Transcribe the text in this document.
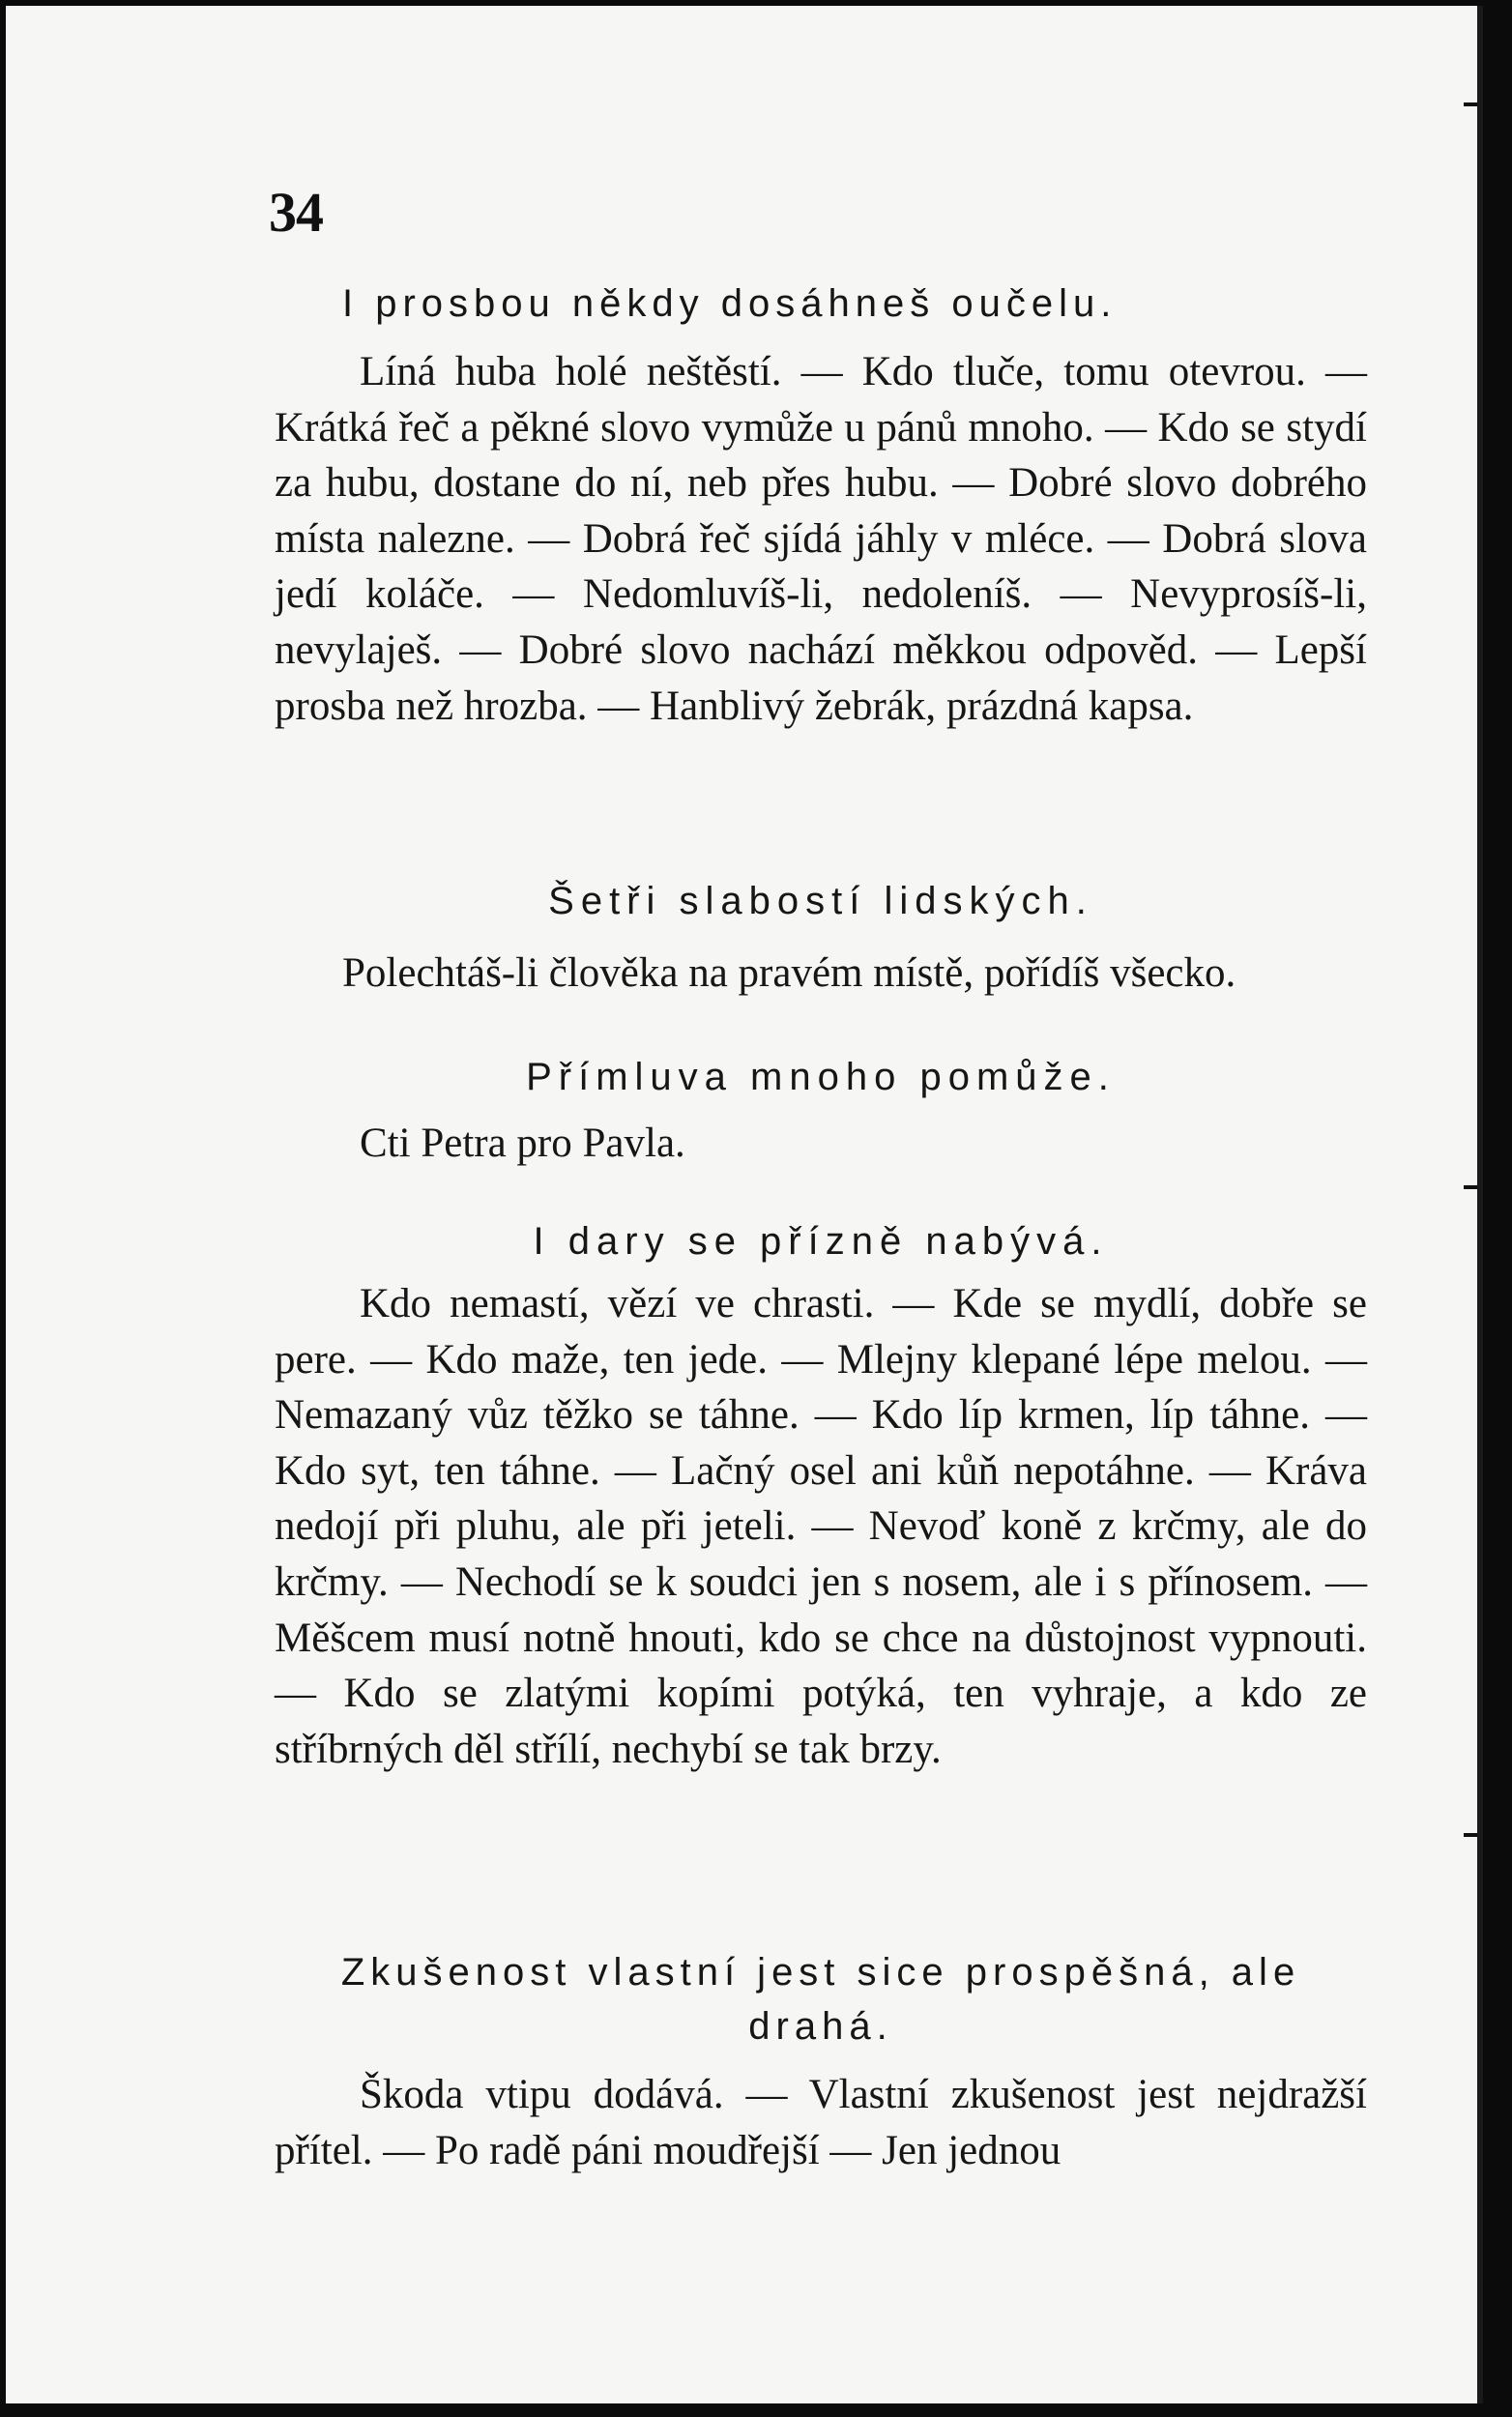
34
I prosbou někdy dosáhneš oučelu.

Líná huba holé neštěstí. — Kdo tluče, tomu otevrou. — Krátká řeč a pěkné slovo vymůže u pánů mnoho. — Kdo se stydí za hubu, dostane do ní, neb přes hubu. — Dobré slovo dobrého místa nalezne. — Dobrá řeč sjídá jáhly v mléce. — Dobrá slova jedí koláče. — Nedomluvíš-li, nedoleníš. — Nevyprosíš-li, nevylaješ. — Dobré slovo nachází měkkou odpověd. — Lepší prosba než hrozba. — Hanblivý žebrák, prázdná kapsa.

Šetři slabostí lidských.

Polechtáš-li člověka na pravém místě, pořídíš všecko.

Přímluva mnoho pomůže.

Cti Petra pro Pavla.

I dary se přízně nabývá.

Kdo nemastí, vězí ve chrasti. — Kde se mydlí, dobře se pere. — Kdo maže, ten jede. — Mlejny klepané lépe melou. — Nemazaný vůz těžko se táhne. — Kdo líp krmen, líp táhne. — Kdo syt, ten táhne. — Lačný osel ani kůň nepotáhne. — Kráva nedojí při pluhu, ale při jeteli. — Nevoď koně z krčmy, ale do krčmy. — Nechodí se k soudci jen s nosem, ale i s přínosem. — Měšcem musí notně hnouti, kdo se chce na důstojnost vypnouti. — Kdo se zlatými kopími potýká, ten vyhraje, a kdo ze stříbrných děl střílí, nechybí se tak brzy.

Zkušenost vlastní jest sice prospěšná, ale drahá.

Škoda vtipu dodává. — Vlastní zkušenost jest nejdražší přítel. — Po radě páni moudřejší — Jen jednou
